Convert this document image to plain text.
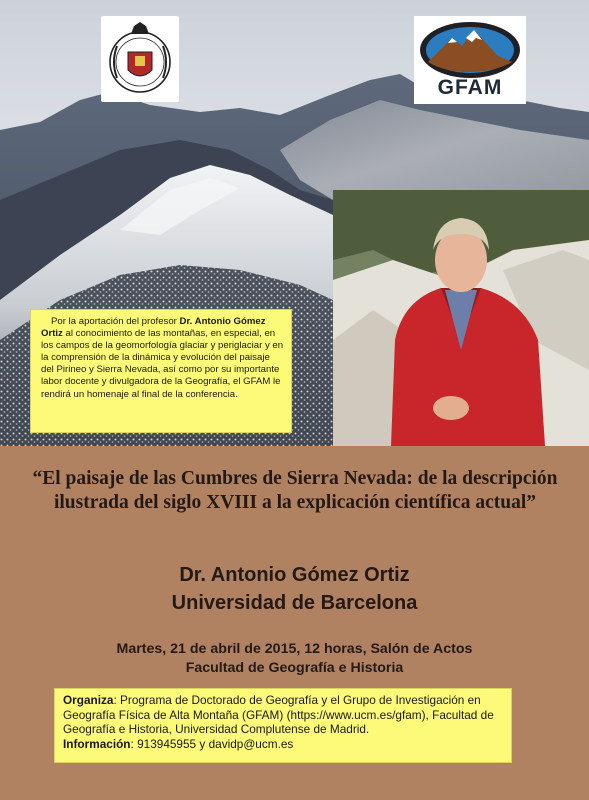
GFAM

Por la aportación del profesor Dr. Antonio Gómez Ortiz al conocimiento de las montañas, en especial, en los campos de la geomorfología glaciar y periglaciar y en la comprensión de la dinámica y evolución del paisaje del Pirineo y Sierra Nevada, así como por su importante labor docente y divulgadora de la Geografía, el GFAM le rendirá un homenaje al final de la conferencia.

“El paisaje de las Cumbres de Sierra Nevada: de la descripción ilustrada del siglo XVIII a la explicación científica actual”
Dr. Antonio Gómez Ortiz
Universidad de Barcelona
Martes, 21 de abril de 2015, 12 horas, Salón de Actos
Facultad de Geografía e Historia
Organiza: Programa de Doctorado de Geografía y el Grupo de Investigación en Geografía Física de Alta Montaña (GFAM) (https://www.ucm.es/gfam), Facultad de Geografía e Historia, Universidad Complutense de Madrid.
Información: 913945955 y davidp@ucm.es
